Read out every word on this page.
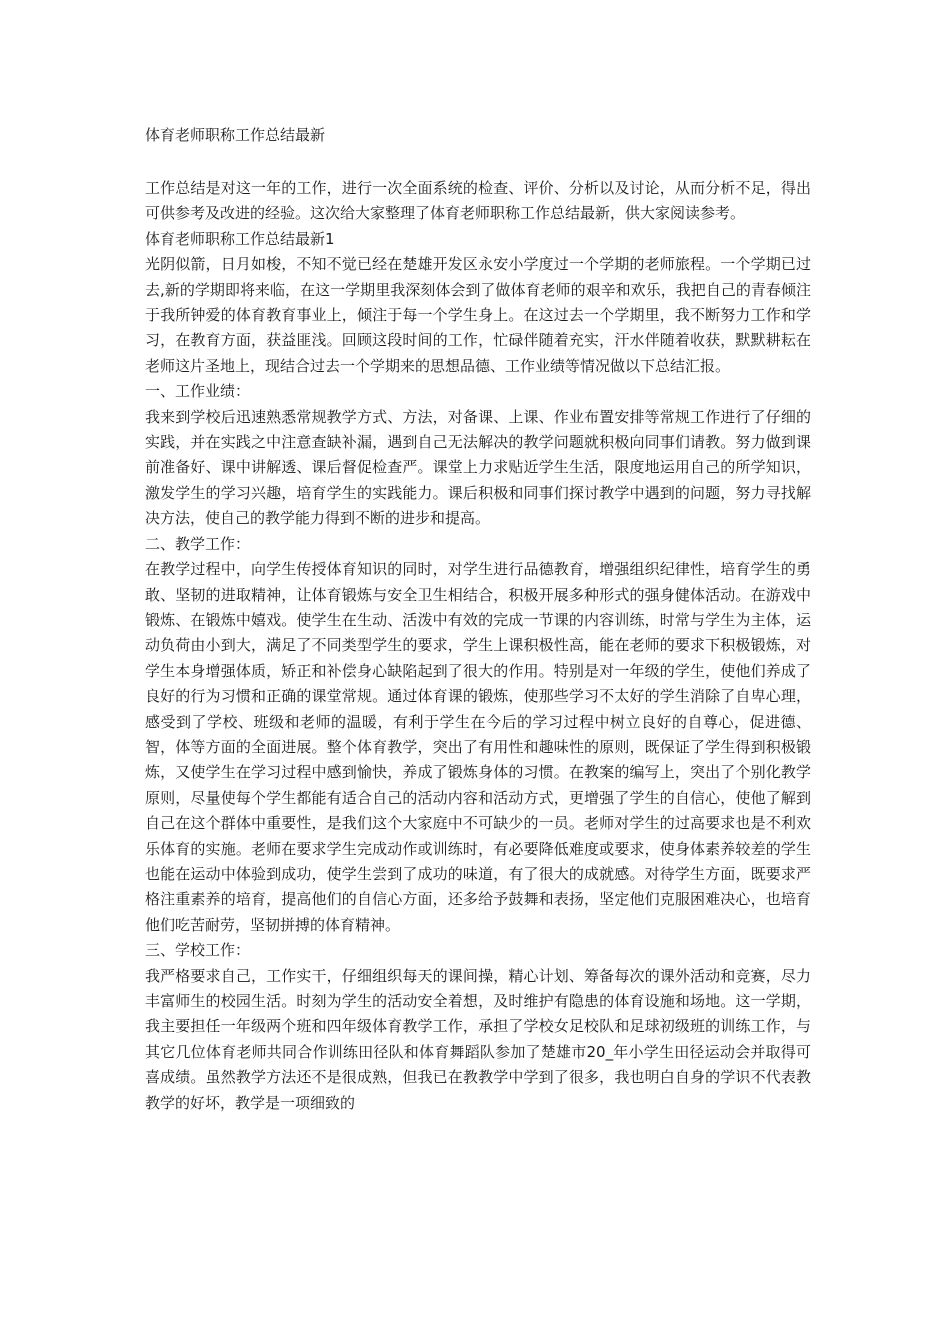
体育老师职称工作总结最新

工作总结是对这一年的工作，进行一次全面系统的检查、评价、分析以及讨论，从而分析不足，得出可供参考及改进的经验。这次给大家整理了体育老师职称工作总结最新，供大家阅读参考。

体育老师职称工作总结最新1

光阴似箭，日月如梭，不知不觉已经在楚雄开发区永安小学度过一个学期的老师旅程。一个学期已过去,新的学期即将来临，在这一学期里我深刻体会到了做体育老师的艰辛和欢乐，我把自己的青春倾注于我所钟爱的体育教育事业上，倾注于每一个学生身上。在这过去一个学期里，我不断努力工作和学习，在教育方面，获益匪浅。回顾这段时间的工作，忙碌伴随着充实，汗水伴随着收获，默默耕耘在老师这片圣地上，现结合过去一个学期来的思想品德、工作业绩等情况做以下总结汇报。

一、工作业绩：

我来到学校后迅速熟悉常规教学方式、方法，对备课、上课、作业布置安排等常规工作进行了仔细的实践，并在实践之中注意查缺补漏，遇到自己无法解决的教学问题就积极向同事们请教。努力做到课前准备好、课中讲解透、课后督促检查严。课堂上力求贴近学生生活，限度地运用自己的所学知识，激发学生的学习兴趣，培育学生的实践能力。课后积极和同事们探讨教学中遇到的问题，努力寻找解决方法，使自己的教学能力得到不断的进步和提高。

二、教学工作：

在教学过程中，向学生传授体育知识的同时，对学生进行品德教育，增强组织纪律性，培育学生的勇敢、坚韧的进取精神，让体育锻炼与安全卫生相结合，积极开展多种形式的强身健体活动。在游戏中锻炼、在锻炼中嬉戏。使学生在生动、活泼中有效的完成一节课的内容训练，时常与学生为主体，运动负荷由小到大，满足了不同类型学生的要求，学生上课积极性高，能在老师的要求下积极锻炼，对学生本身增强体质，矫正和补偿身心缺陷起到了很大的作用。特别是对一年级的学生，使他们养成了良好的行为习惯和正确的课堂常规。通过体育课的锻炼，使那些学习不太好的学生消除了自卑心理，感受到了学校、班级和老师的温暖，有利于学生在今后的学习过程中树立良好的自尊心，促进德、智，体等方面的全面进展。整个体育教学，突出了有用性和趣味性的原则，既保证了学生得到积极锻炼，又使学生在学习过程中感到愉快，养成了锻炼身体的习惯。在教案的编写上，突出了个别化教学原则，尽量使每个学生都能有适合自己的活动内容和活动方式，更增强了学生的自信心，使他了解到自己在这个群体中重要性，是我们这个大家庭中不可缺少的一员。老师对学生的过高要求也是不利欢乐体育的实施。老师在要求学生完成动作或训练时，有必要降低难度或要求，使身体素养较差的学生也能在运动中体验到成功，使学生尝到了成功的味道，有了很大的成就感。对待学生方面，既要求严格注重素养的培育，提高他们的自信心方面，还多给予鼓舞和表扬，坚定他们克服困难决心，也培育他们吃苦耐劳，坚韧拼搏的体育精神。

三、学校工作：

我严格要求自己，工作实干，仔细组织每天的课间操，精心计划、筹备每次的课外活动和竞赛，尽力丰富师生的校园生活。时刻为学生的活动安全着想，及时维护有隐患的体育设施和场地。这一学期，我主要担任一年级两个班和四年级体育教学工作，承担了学校女足校队和足球初级班的训练工作，与其它几位体育老师共同合作训练田径队和体育舞蹈队参加了楚雄市20_年小学生田径运动会并取得可喜成绩。虽然教学方法还不是很成熟，但我已在教教学中学到了很多，我也明白自身的学识不代表教教学的好坏，教学是一项细致的
